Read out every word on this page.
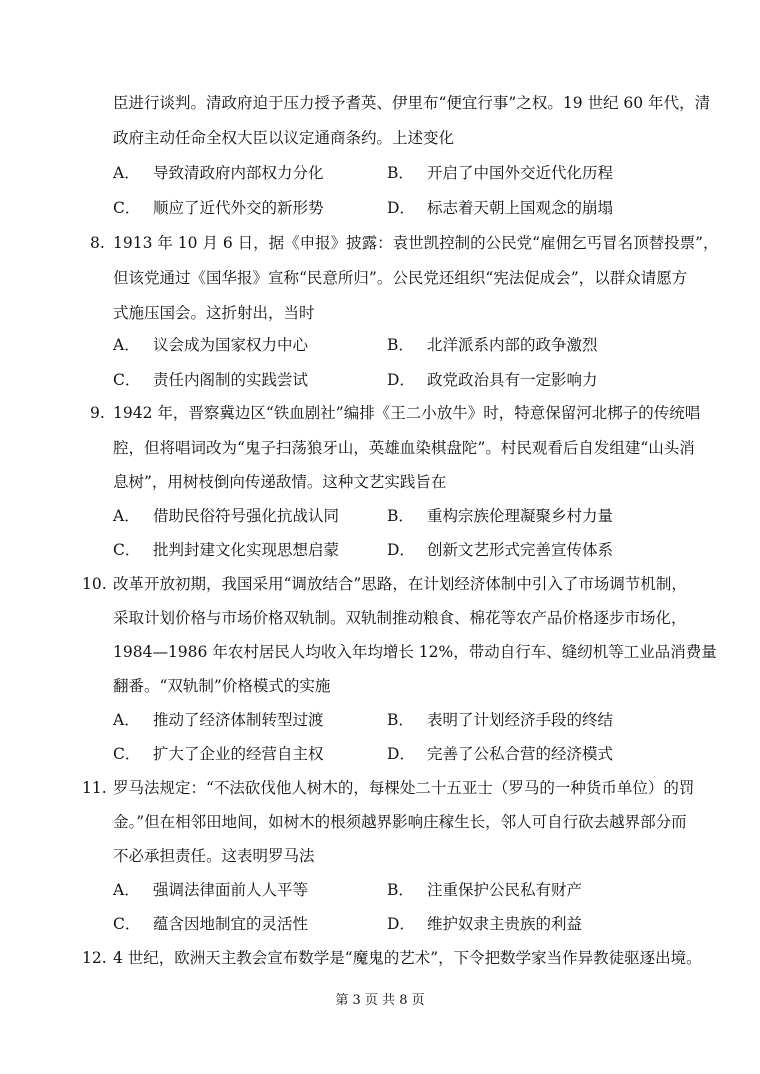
臣进行谈判。清政府迫于压力授予耆英、伊里布“便宜行事”之权。19 世纪 60 年代，清
政府主动任命全权大臣以议定通商条约。上述变化
A． 导致清政府内部权力分化	B． 开启了中国外交近代化历程
C． 顺应了近代外交的新形势	D． 标志着天朝上国观念的崩塌
8. 1913 年 10 月 6 日，据《申报》披露：袁世凯控制的公民党“雇佣乞丐冒名顶替投票”，
但该党通过《国华报》宣称“民意所归”。公民党还组织“宪法促成会”，以群众请愿方
式施压国会。这折射出，当时
A． 议会成为国家权力中心	B． 北洋派系内部的政争激烈
C． 责任内阁制的实践尝试	D． 政党政治具有一定影响力
9. 1942 年，晋察冀边区“铁血剧社”编排《王二小放牛》时，特意保留河北梆子的传统唱
腔，但将唱词改为“鬼子扫荡狼牙山，英雄血染棋盘陀”。村民观看后自发组建“山头消
息树”，用树枝倒向传递敌情。这种文艺实践旨在
A． 借助民俗符号强化抗战认同	B． 重构宗族伦理凝聚乡村力量
C． 批判封建文化实现思想启蒙	D． 创新文艺形式完善宣传体系
10. 改革开放初期，我国采用“调放结合”思路，在计划经济体制中引入了市场调节机制，
采取计划价格与市场价格双轨制。双轨制推动粮食、棉花等农产品价格逐步市场化，
1984—1986 年农村居民人均收入年均增长 12%，带动自行车、缝纫机等工业品消费量
翻番。“双轨制”价格模式的实施
A． 推动了经济体制转型过渡	B． 表明了计划经济手段的终结
C． 扩大了企业的经营自主权	D． 完善了公私合营的经济模式
11. 罗马法规定：“不法砍伐他人树木的，每棵处二十五亚士（罗马的一种货币单位）的罚
金。”但在相邻田地间，如树木的根须越界影响庄稼生长，邻人可自行砍去越界部分而
不必承担责任。这表明罗马法
A． 强调法律面前人人平等	B． 注重保护公民私有财产
C． 蕴含因地制宜的灵活性	D． 维护奴隶主贵族的利益
12. 4 世纪，欧洲天主教会宣布数学是“魔鬼的艺术”，下令把数学家当作异教徒驱逐出境。
第 3 页 共 8 页
